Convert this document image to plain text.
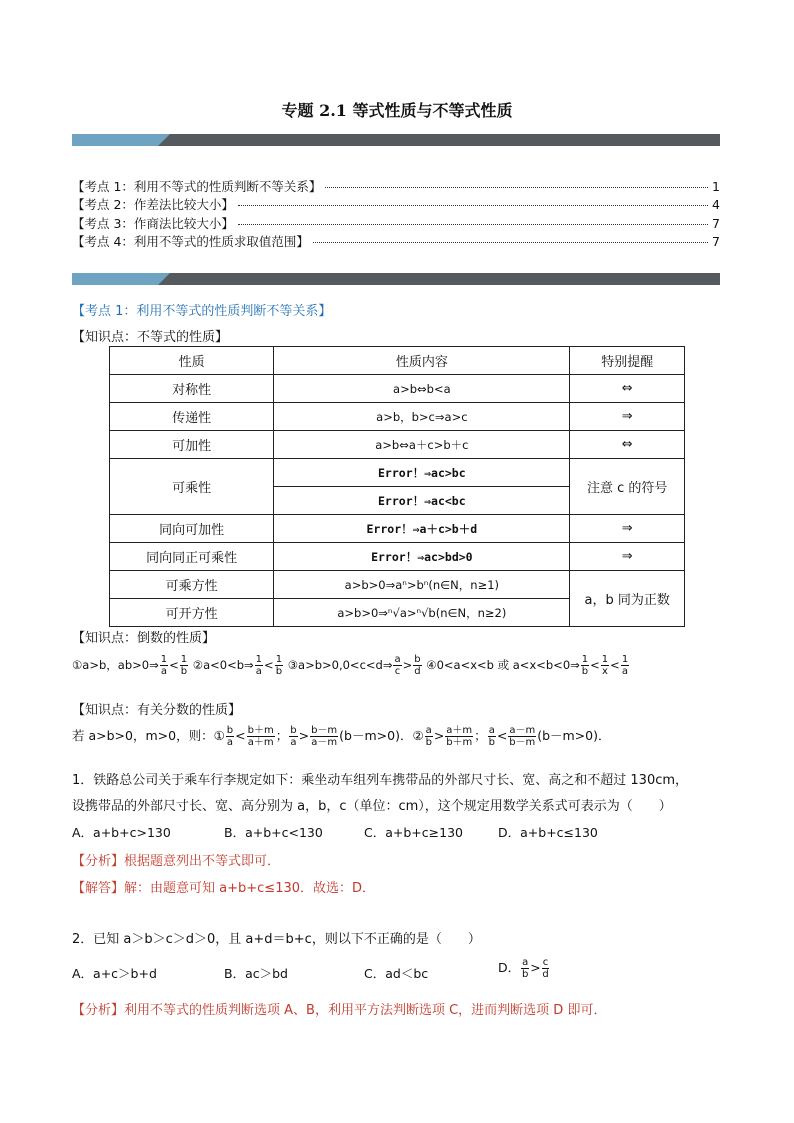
专题 2.1 等式性质与不等式性质
【考点 1：利用不等式的性质判断不等关系】	1
【考点 2：作差法比较大小】	4
【考点 3：作商法比较大小】	7
【考点 4：利用不等式的性质求取值范围】	7
【考点 1：利用不等式的性质判断不等关系】
【知识点：不等式的性质】
性质	性质内容	特别提醒
对称性	a>b⇔b<a	⇔
传递性	a>b，b>c⇒a>c	⇒
可加性	a>b⇔a＋c>b＋c	⇔
可乘性	Error！⇒ac>bc	注意 c 的符号
	Error！⇒ac<bc	
同向可加性	Error！⇒a＋c>b＋d	⇒
同向同正可乘性	Error！⇒ac>bd>0	⇒
可乘方性	a>b>0⇒aⁿ>bⁿ(n∈N，n≥1)	a，b 同为正数
可开方性	a>b>0⇒ⁿ√a>ⁿ√b(n∈N，n≥2)	
【知识点：倒数的性质】
①a>b，ab>0⇒ $\frac{1}{a} < \frac{1}{b}$ ②a<0<b⇒ $\frac{1}{a} < \frac{1}{b}$ ③a>b>0,0<c<d⇒ $\frac{a}{c} > \frac{b}{d}$ ④0<a<x<b 或 a<x<b<0⇒ $\frac{1}{b} < \frac{1}{x} < \frac{1}{a}$
【知识点：有关分数的性质】
若 a>b>0，m>0，则：① $\frac{b}{a} < \frac{b+m}{a+m}$ ； $\frac{b}{a} > \frac{b-m}{a-m} (b-m>0)$．② $\frac{a}{b} > \frac{a+m}{b+m}$ ； $\frac{a}{b} < \frac{a-m}{b-m} (b-m>0)$．
1．铁路总公司关于乘车行李规定如下：乘坐动车组列车携带品的外部尺寸长、宽、高之和不超过 130cm，
设携带品的外部尺寸长、宽、高分别为 a，b，c（单位：cm），这个规定用数学关系式可表示为（　　）
A．a+b+c>130	B．a+b+c<130	C．a+b+c≥130	D．a+b+c≤130
【分析】根据题意列出不等式即可．
【解答】解：由题意可知 a+b+c≤130．故选：D．
2．已知 a＞b＞c＞d＞0，且 a+d＝b+c，则以下不正确的是（　　）
A．a+c＞b+d	B．ac＞bd	C．ad＜bc	D． $\frac{a}{b} > \frac{c}{d}$
【分析】利用不等式的性质判断选项 A、B，利用平方法判断选项 C，进而判断选项 D 即可．
